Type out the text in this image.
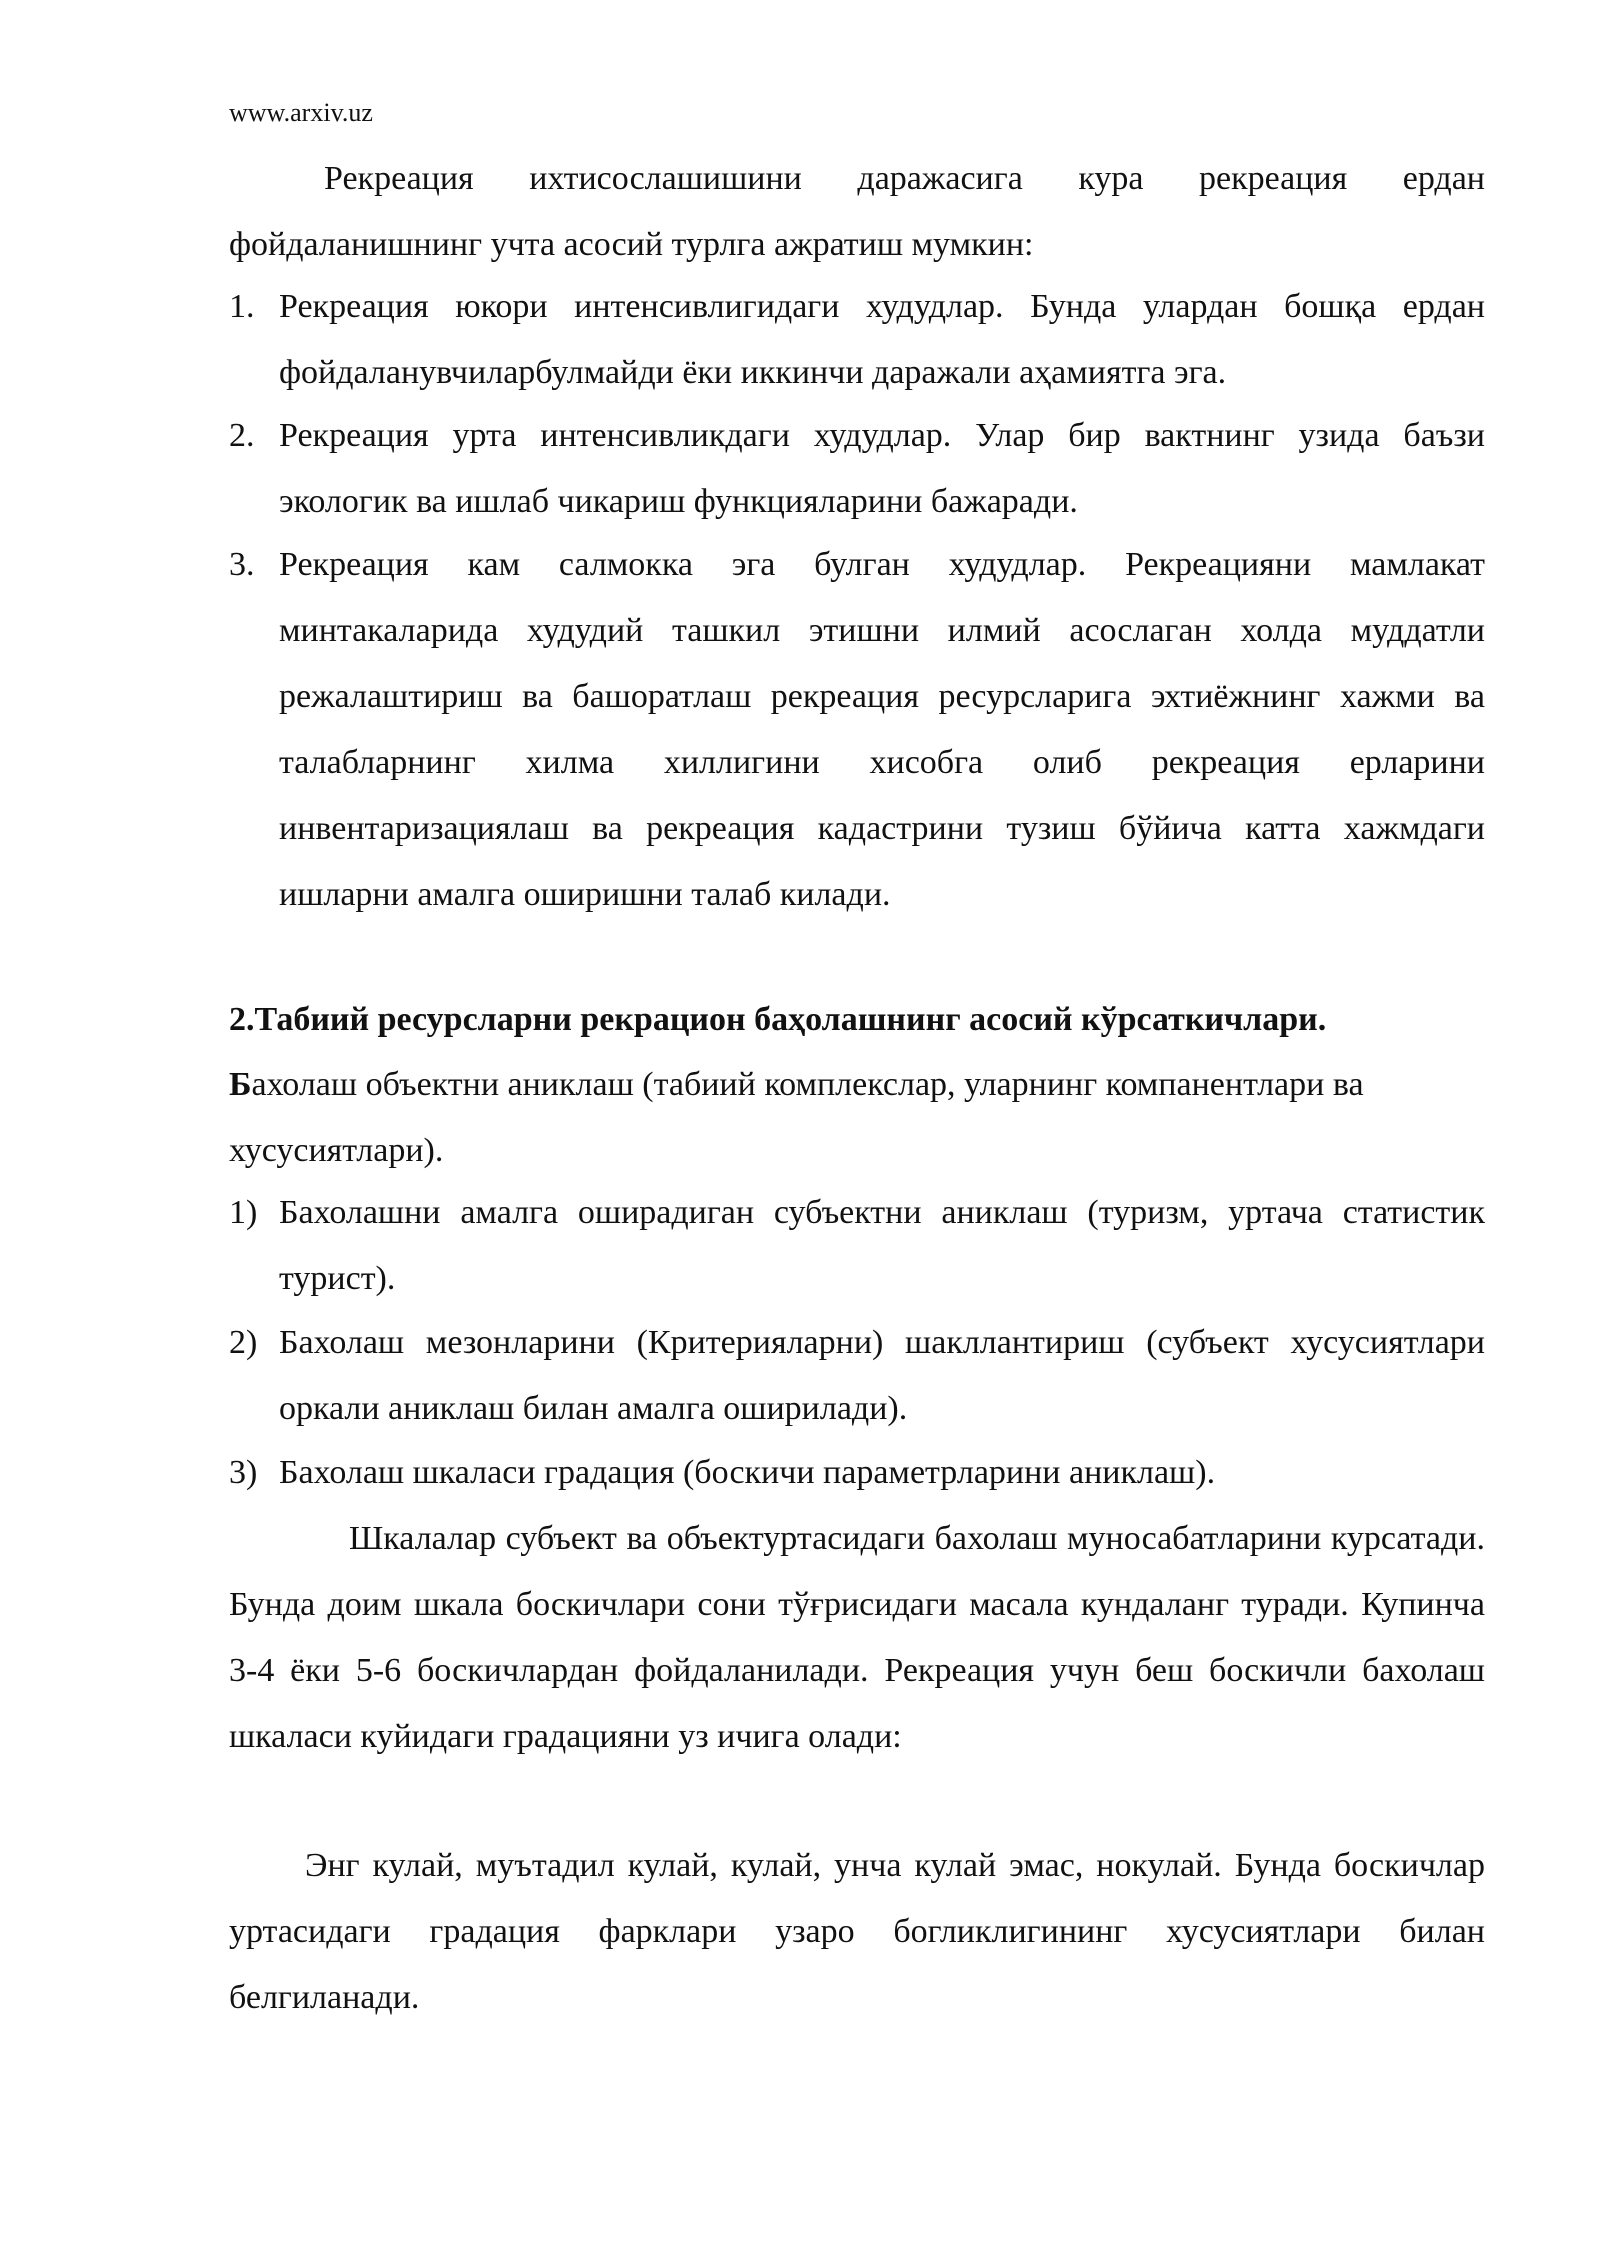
www.arxiv.uz

Рекреация ихтисослашишини даражасига кура рекреация ердан фойдаланишнинг учта асосий турлга ажратиш мумкин:

1. Рекреация юкори интенсивлигидаги худудлар. Бунда улардан бошқа ердан фойдаланувчиларбулмайди ёки иккинчи даражали аҳамиятга эга.
2. Рекреация урта интенсивликдаги худудлар. Улар бир вактнинг узида баъзи экологик ва ишлаб чикариш функцияларини бажаради.
3. Рекреация кам салмокка эга булган худудлар. Рекреацияни мамлакат минтакаларида худудий ташкил этишни илмий асослаган холда муддатли режалаштириш ва башоратлаш рекреация ресурсларига эхтиёжнинг хажми ва талабларнинг хилма хиллигини хисобга олиб рекреация ерларини инвентаризациялаш ва рекреация кадастрини тузиш бўйича катта хажмдаги ишларни амалга оширишни талаб килади.
2.Табиий ресурсларни рекрацион баҳолашнинг асосий кўрсаткичлари.

Бахолаш объектни аниклаш (табиий комплекслар, уларнинг компанентлари ва хусусиятлари).

1) Бахолашни амалга оширадиган субъектни аниклаш (туризм, уртача статистик турист).
2) Бахолаш мезонларини (Критерияларни) шакллантириш (субъект хусусиятлари оркали аниклаш билан амалга оширилади).
3) Бахолаш шкаласи градация (боскичи параметрларини аниклаш).

Шкалалар субъект ва объектуртасидаги бахолаш муносабатларини курсатади. Бунда доим шкала боскичлари сони тўғрисидаги масала кундаланг туради. Купинча 3-4 ёки 5-6 боскичлардан фойдаланилади. Рекреация учун беш боскичли бахолаш шкаласи куйидаги градацияни уз ичига олади:

Энг кулай, муътадил кулай, кулай, унча кулай эмас, нокулай. Бунда боскичлар уртасидаги градация фарклари узаро богликлигининг хусусиятлари билан белгиланади.
